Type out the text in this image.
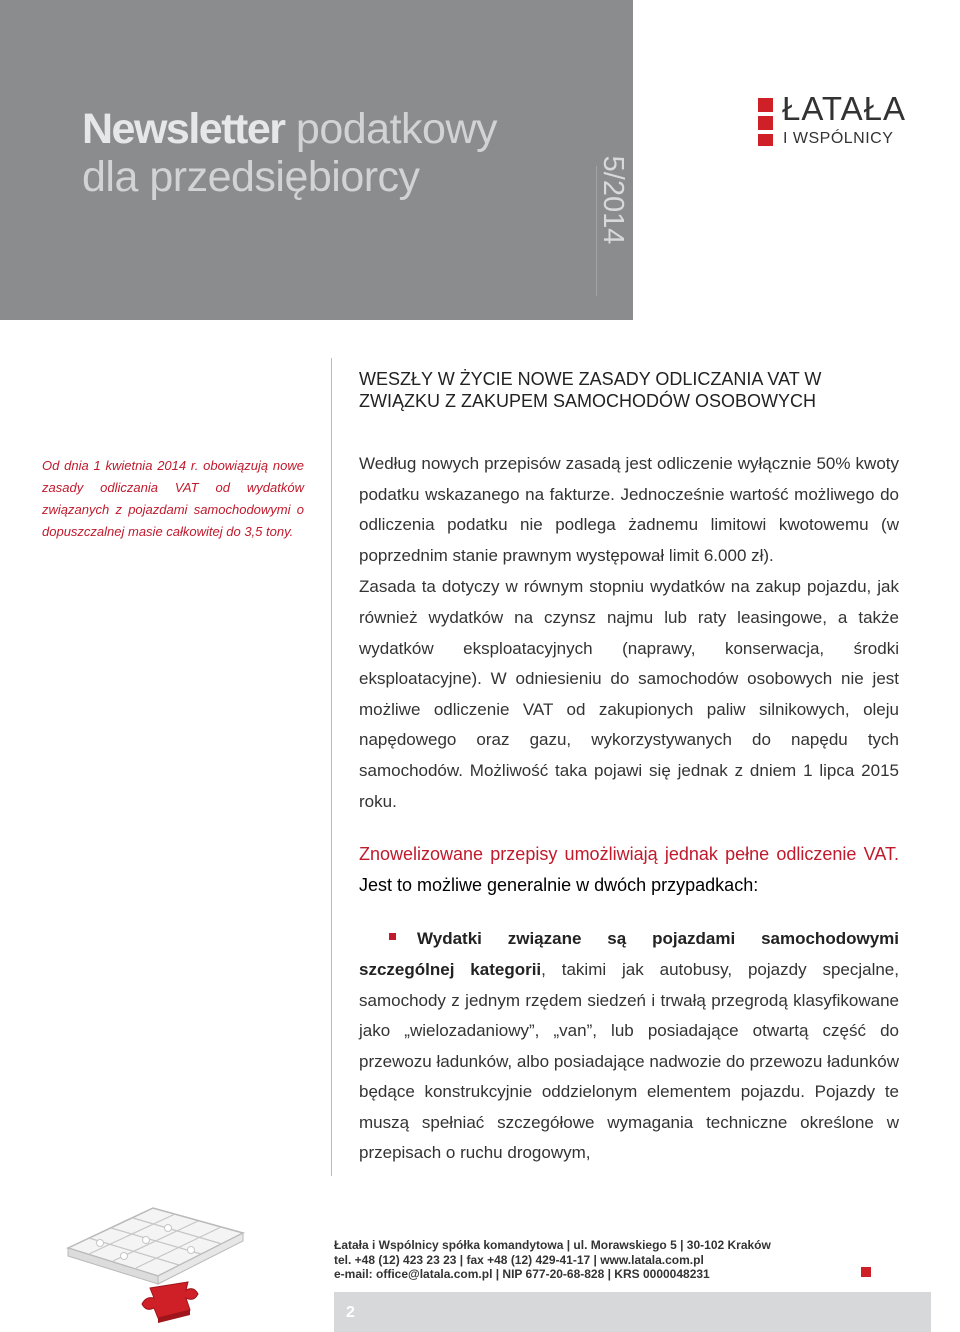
Newsletter podatkowy
dla przedsiębiorcy	5/2014
ŁATAŁA
I WSPÓLNICY
WESZŁY W ŻYCIE NOWE ZASADY ODLICZANIA VAT W
ZWIĄZKU Z ZAKUPEM SAMOCHODÓW OSOBOWYCH
Od dnia 1 kwietnia 2014 r. obowiązują nowe zasady odliczania VAT od wydatków związanych z pojazdami samochodowymi o dopuszczalnej masie całkowitej do 3,5 tony.

Według nowych przepisów zasadą jest odliczenie wyłącznie 50% kwoty podatku wskazanego na fakturze. Jednocześnie wartość możliwego do odliczenia podatku nie podlega żadnemu limitowi kwotowemu (w poprzednim stanie prawnym występował limit 6.000 zł).

Zasada ta dotyczy w równym stopniu wydatków na zakup pojazdu, jak również wydatków na czynsz najmu lub raty leasingowe, a także wydatków eksploatacyjnych (naprawy, konserwacja, środki eksploatacyjne). W odniesieniu do samochodów osobowych nie jest możliwe odliczenie VAT od zakupionych paliw silnikowych, oleju napędowego oraz gazu, wykorzystywanych do napędu tych samochodów. Możliwość taka pojawi się jednak z dniem 1 lipca 2015 roku.

Znowelizowane przepisy umożliwiają jednak pełne odliczenie VAT. Jest to możliwe generalnie w dwóch przypadkach:

Wydatki związane są pojazdami samochodowymi szczególnej kategorii, takimi jak autobusy, pojazdy specjalne, samochody z jednym rzędem siedzeń i trwałą przegrodą klasyfikowane jako „wielozadaniowy”, „van”, lub posiadające otwartą część do przewozu ładunków, albo posiadające nadwozie do przewozu ładunków będące konstrukcyjnie oddzielonym elementem pojazdu. Pojazdy te muszą spełniać szczegółowe wymagania techniczne określone w przepisach o ruchu drogowym,
Łatała i Wspólnicy spółka komandytowa | ul. Morawskiego 5 | 30-102 Kraków
tel. +48 (12) 423 23 23 | fax +48 (12) 429-41-17 | www.latala.com.pl
e-mail: office@latala.com.pl | NIP 677-20-68-828 | KRS 0000048231
2
